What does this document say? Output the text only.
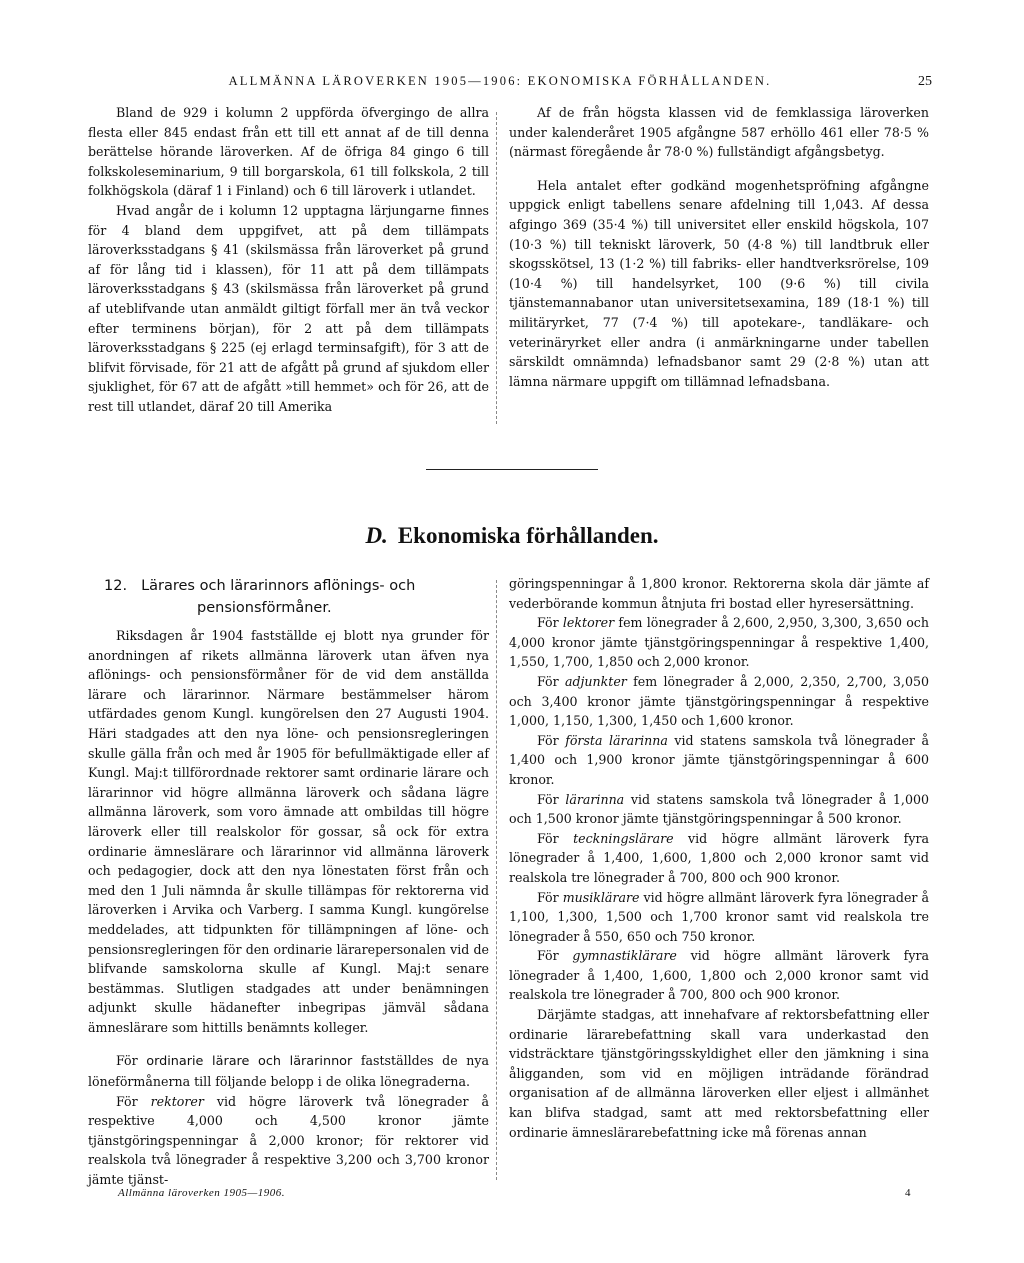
ALLMÄNNA LÄROVERKEN 1905—1906: EKONOMISKA FÖRHÅLLANDEN.	25

Bland de 929 i kolumn 2 uppförda öfvergingo de allra flesta eller 845 endast från ett till ett annat af de till denna berättelse hörande läroverken. Af de öfriga 84 gingo 6 till folkskoleseminarium, 9 till borgarskola, 61 till folkskola, 2 till folkhögskola (däraf 1 i Finland) och 6 till läroverk i utlandet.

Hvad angår de i kolumn 12 upptagna lärjungarne finnes för 4 bland dem uppgifvet, att på dem tillämpats läroverksstadgans § 41 (skilsmässa från läroverket på grund af för lång tid i klassen), för 11 att på dem tillämpats läroverksstadgans § 43 (skilsmässa från läroverket på grund af uteblifvande utan anmäldt giltigt förfall mer än två veckor efter terminens början), för 2 att på dem tillämpats läroverksstadgans § 225 (ej erlagd terminsafgift), för 3 att de blifvit förvisade, för 21 att de afgått på grund af sjukdom eller sjuklighet, för 67 att de afgått »till hemmet» och för 26, att de rest till utlandet, däraf 20 till Amerika

Af de från högsta klassen vid de femklassiga läroverken under kalenderåret 1905 afgångne 587 erhöllo 461 eller 78·5 % (närmast föregående år 78·0 %) fullständigt afgångsbetyg.

Hela antalet efter godkänd mogenhetspröfning afgångne uppgick enligt tabellens senare afdelning till 1,043. Af dessa afgingo 369 (35·4 %) till universitet eller enskild högskola, 107 (10·3 %) till tekniskt läroverk, 50 (4·8 %) till landtbruk eller skogsskötsel, 13 (1·2 %) till fabriks- eller handtverksrörelse, 109 (10·4 %) till handelsyrket, 100 (9·6 %) till civila tjänstemannabanor utan universitetsexamina, 189 (18·1 %) till militäryrket, 77 (7·4 %) till apotekare-, tandläkare- och veterinäryrket eller andra (i anmärkningarne under tabellen särskildt omnämnda) lefnadsbanor samt 29 (2·8 %) utan att lämna närmare uppgift om tillämnad lefnadsbana.

D. Ekonomiska förhållanden.
12. Lärares och lärarinnors aflönings- och
pensionsförmåner.

Riksdagen år 1904 fastställde ej blott nya grunder för anordningen af rikets allmänna läroverk utan äfven nya aflönings- och pensionsförmåner för de vid dem anställda lärare och lärarinnor. Närmare bestämmelser härom utfärdades genom Kungl. kungörelsen den 27 Augusti 1904. Häri stadgades att den nya löne- och pensionsregleringen skulle gälla från och med år 1905 för befullmäktigade eller af Kungl. Maj:t tillförordnade rektorer samt ordinarie lärare och lärarinnor vid högre allmänna läroverk och sådana lägre allmänna läroverk, som voro ämnade att ombildas till högre läroverk eller till realskolor för gossar, så ock för extra ordinarie ämneslärare och lärarinnor vid allmänna läroverk och pedagogier, dock att den nya lönestaten först från och med den 1 Juli nämnda år skulle tillämpas för rektorerna vid läroverken i Arvika och Varberg. I samma Kungl. kungörelse meddelades, att tidpunkten för tillämpningen af löne- och pensionsregleringen för den ordinarie lärarepersonalen vid de blifvande samskolorna skulle af Kungl. Maj:t senare bestämmas. Slutligen stadgades att under benämningen adjunkt skulle hädanefter inbegripas jämväl sådana ämneslärare som hittills benämnts kolleger.

För ordinarie lärare och lärarinnor fastställdes de nya löneförmånerna till följande belopp i de olika lönegraderna.

För rektorer vid högre läroverk två lönegrader å respektive 4,000 och 4,500 kronor jämte tjänstgöringspenningar å 2,000 kronor; för rektorer vid realskola två lönegrader å respektive 3,200 och 3,700 kronor jämte tjänst-

göringspenningar å 1,800 kronor. Rektorerna skola där jämte af vederbörande kommun åtnjuta fri bostad eller hyresersättning.

För lektorer fem lönegrader å 2,600, 2,950, 3,300, 3,650 och 4,000 kronor jämte tjänstgöringspenningar å respektive 1,400, 1,550, 1,700, 1,850 och 2,000 kronor.

För adjunkter fem lönegrader å 2,000, 2,350, 2,700, 3,050 och 3,400 kronor jämte tjänstgöringspenningar å respektive 1,000, 1,150, 1,300, 1,450 och 1,600 kronor.

För första lärarinna vid statens samskola två lönegrader å 1,400 och 1,900 kronor jämte tjänstgöringspenningar å 600 kronor.

För lärarinna vid statens samskola två lönegrader å 1,000 och 1,500 kronor jämte tjänstgöringspenningar å 500 kronor.

För teckningslärare vid högre allmänt läroverk fyra lönegrader å 1,400, 1,600, 1,800 och 2,000 kronor samt vid realskola tre lönegrader å 700, 800 och 900 kronor.

För musiklärare vid högre allmänt läroverk fyra lönegrader å 1,100, 1,300, 1,500 och 1,700 kronor samt vid realskola tre lönegrader å 550, 650 och 750 kronor.

För gymnastiklärare vid högre allmänt läroverk fyra lönegrader å 1,400, 1,600, 1,800 och 2,000 kronor samt vid realskola tre lönegrader å 700, 800 och 900 kronor.

Därjämte stadgas, att innehafvare af rektorsbefattning eller ordinarie lärarebefattning skall vara underkastad den vidsträcktare tjänstgöringsskyldighet eller den jämkning i sina åligganden, som vid en möjligen inträdande förändrad organisation af de allmänna läroverken eller eljest i allmänhet kan blifva stadgad, samt att med rektorsbefattning eller ordinarie ämneslärarebefattning icke må förenas annan

Allmänna läroverken 1905—1906.	4
